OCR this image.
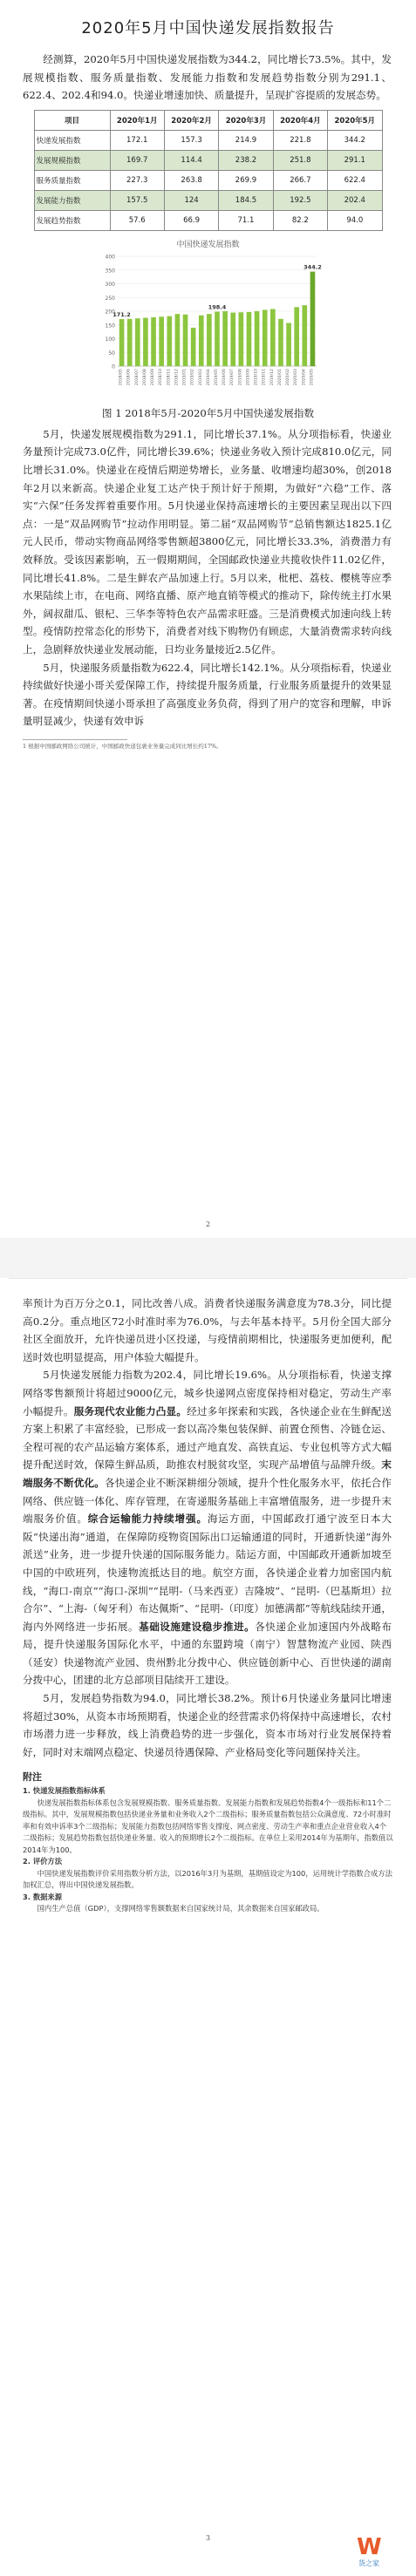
2020年5月中国快递发展指数报告

经测算，2020年5月中国快递发展指数为344.2，同比增长73.5%。其中，发展规模指数、服务质量指数、发展能力指数和发展趋势指数分别为291.1、622.4、202.4和94.0。快递业增速加快、质量提升，呈现扩容提质的发展态势。

项目	2020年1月	2020年2月	2020年3月	2020年4月	2020年5月
快递发展指数	172.1	157.3	214.9	221.8	344.2
发展规模指数	169.7	114.4	238.2	251.8	291.1
服务质量指数	227.3	263.8	269.9	266.7	622.4
发展能力指数	157.5	124	184.5	192.5	202.4
发展趋势指数	57.6	66.9	71.1	82.2	94.0
中国快递发展指数
0
50
100
150
200
250
300
350
400
2018/05 2018/06 2018/07 2018/08 2018/09 2018/10 2018/11 2018/12 2019/01 2019/02 2019/03 2019/04 2019/05 2019/06 2019/07 2019/08 2019/09 2019/10 2019/11 2019/12 2020/01 2020/02 2020/03 2020/04 2020/05
171.2
198.4
344.2
图 1 2018年5月-2020年5月中国快递发展指数

5月，快递发展规模指数为291.1，同比增长37.1%。从分项指标看，快递业务量预计完成73.0亿件，同比增长39.6%；快递业务收入预计完成810.0亿元，同比增长31.0%。快递业在疫情后期逆势增长，业务量、收增速均超30%，创2018年2月以来新高。快递企业复工达产快于预计好于预期，为做好“六稳”工作、落实“六保”任务发挥着重要作用。5月快递业保持高速增长的主要因素呈现出以下四点：一是“双品网购节”拉动作用明显。第二届“双品网购节”总销售额达1825.1亿元人民币，带动实物商品网络零售额超3800亿元，同比增长33.3%，消费潜力有效释放。受该因素影响，五一假期期间，全国邮政快递业共揽收快件11.02亿件，同比增长41.8%。二是生鲜农产品加速上行。5月以来，枇杷、荔枝、樱桃等应季水果陆续上市，在电商、网络直播、原产地直销等模式的推动下，除传统主打水果外，阔叔甜瓜、银杞、三华李等特色农产品需求旺盛。三是消费模式加速向线上转型。疫情防控常态化的形势下，消费者对线下购物仍有顾虑，大量消费需求转向线上，急剧释放快递业发展动能，日均业务量接近2.5亿件。

5月，快递服务质量指数为622.4，同比增长142.1%。从分项指标看，快递业持续做好快递小哥关爱保障工作，持续提升服务质量，行业服务质量提升的效果显著。在疫情期间快递小哥承担了高强度业务负荷，得到了用户的宽容和理解，申诉量明显减少，快递有效申诉

1 根据中国邮政网络公司统计，中国邮政快递包裹业务量完成同比增长约17%。
2

率预计为百万分之0.1，同比改善八成。消费者快递服务满意度为78.3分，同比提高0.2分。重点地区72小时准时率为76.0%，与去年基本持平。5月份全国大部分社区全面放开，允许快递员进小区投递，与疫情前期相比，快递服务更加便利，配送时效也明显提高，用户体验大幅提升。

5月快递发展能力指数为202.4，同比增长19.6%。从分项指标看，快递支撑网络零售额预计将超过9000亿元，城乡快递网点密度保持相对稳定，劳动生产率小幅提升。服务现代农业能力凸显。经过多年探索和实践，各快递企业在生鲜配送方案上积累了丰富经验，已形成一套以高冷集包装保鲜、前置仓预售、冷链仓运、全程可视的农产品运输方案体系，通过产地直发、高铁直运、专业包机等方式大幅提升配送时效，保障生鲜品质，助推农村脱贫攻坚，实现产品增值与品牌升级。末端服务不断优化。各快递企业不断深耕细分领域，提升个性化服务水平，依托合作网络、供应链一体化、库存管理，在寄递服务基础上丰富增值服务，进一步提升末端服务价值。综合运输能力持续增强。海运方面，中国邮政打通宁波至日本大阪“快递出海”通道，在保障防疫物资国际出口运输通道的同时，开通新快递“海外派送”业务，进一步提升快递的国际服务能力。陆运方面，中国邮政开通新加坡至中国的中欧班列，快速物流抵达目的地。航空方面，各快递企业着力加密国内航线，“海口-南京”“海口-深圳”“昆明-（马来西亚）吉隆坡”、“昆明-（巴基斯坦）拉合尔”、“上海-（匈牙利）布达佩斯”、“昆明-（印度）加德满都”等航线陆续开通，海内外网络进一步拓展。基础设施建设稳步推进。各快递企业加速国内外战略布局，提升快递服务国际化水平，中通的东盟跨境（南宁）智慧物流产业园、陕西（延安）快递物流产业园、贵州黔北分拨中心、供应链创新中心、百世快递的湖南分拨中心，团建的北方总部项目陆续开工建设。

5月，发展趋势指数为94.0，同比增长38.2%。预计6月快递业务量同比增速将超过30%，从资本市场预期看，快递企业的经营需求仍将保持中高速增长，农村市场潜力进一步释放，线上消费趋势的进一步强化，资本市场对行业发展保持着好，同时对末端网点稳定、快递员待遇保障、产业格局变化等问题保持关注。

附注

1. 快递发展指数指标体系

快递发展指数指标体系包含发展规模指数、服务质量指数、发展能力指数和发展趋势指数4个一级指标和11个二级指标。其中，发展规模指数包括快递业务量和业务收入2个二级指标；服务质量指数包括公众满意度、72小时准时率和有效申诉率3个二级指标；发展能力指数包括网络零售支撑度、网点密度、劳动生产率和重点企业营业收入4个二级指标；发展趋势指数包括快递业务量、收入的预期增长2个二级指标。在单位上采用2014年为基期年，指数值以2014年为100。

2. 评价方法

中国快递发展指数评价采用指数分析方法，以2016年3月为基期，基期值设定为100，运用统计学指数合成方法加权汇总，得出中国快递发展指数。

3. 数据来源

国内生产总值（GDP），支撑网络零售额数据来自国家统计局，其余数据来自国家邮政局。

3	W
货之家
